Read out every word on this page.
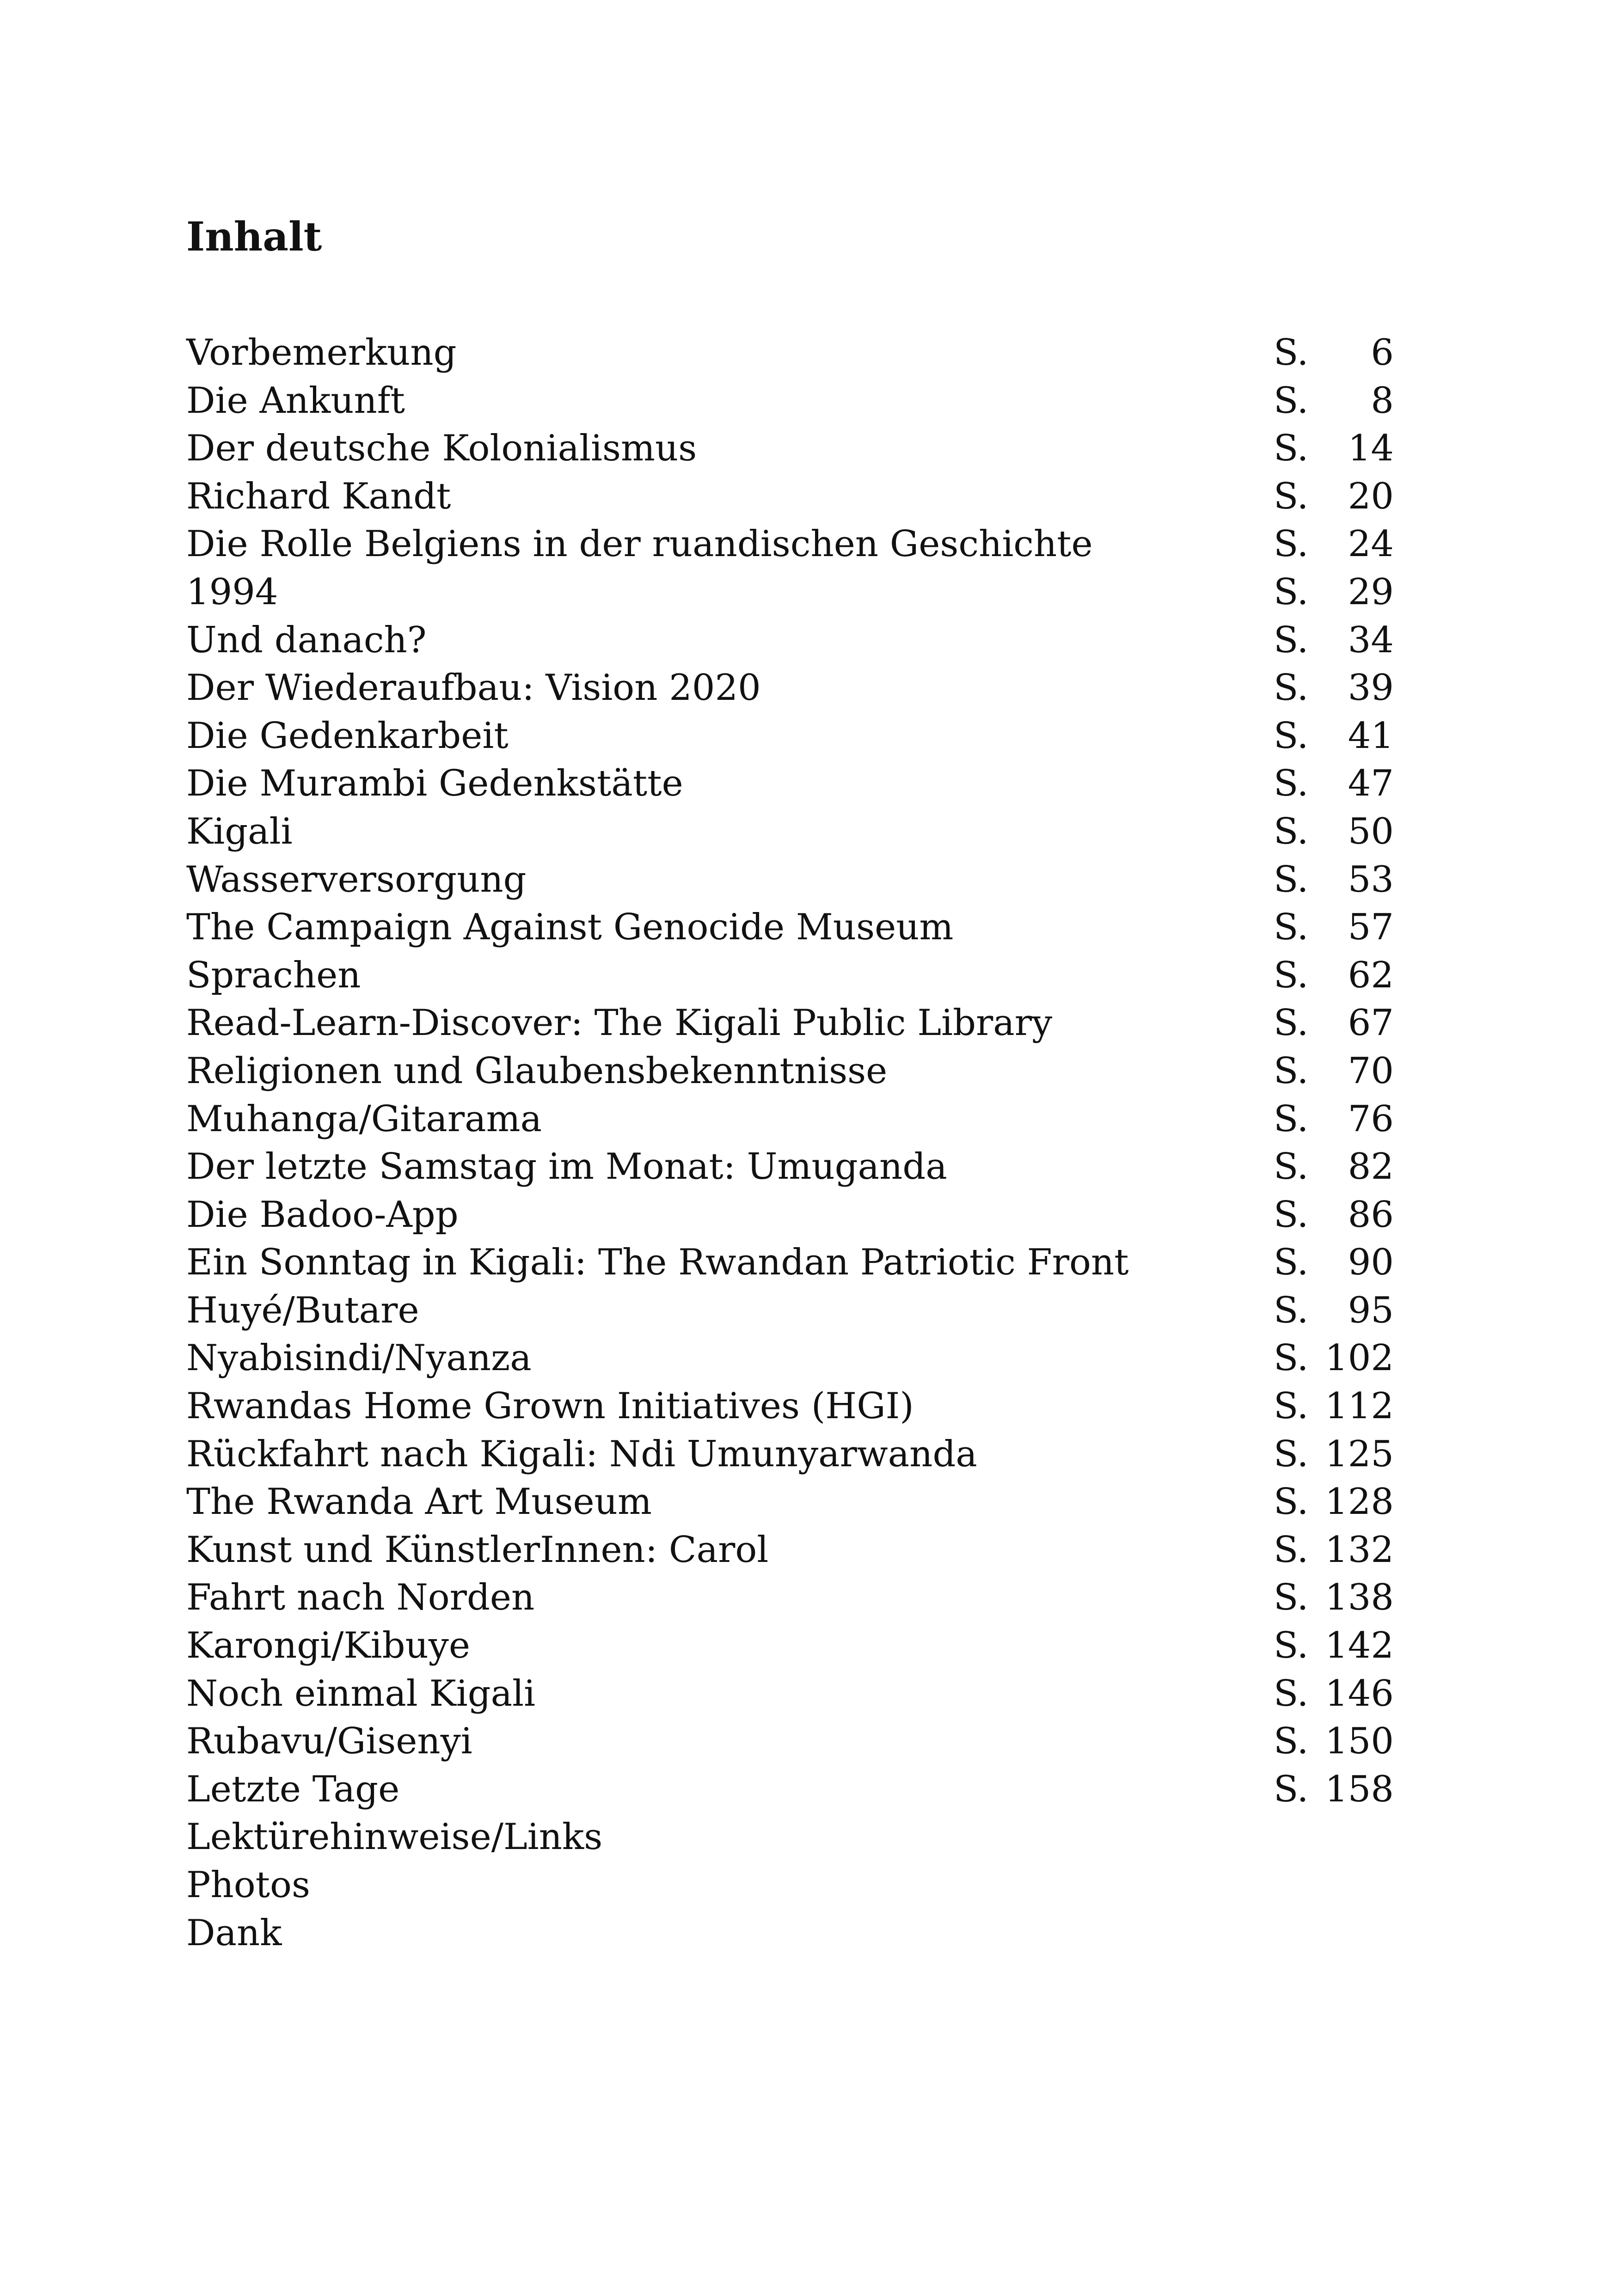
Inhalt
Vorbemerkung	S. 6
Die Ankunft	S. 8
Der deutsche Kolonialismus	S. 14
Richard Kandt	S. 20
Die Rolle Belgiens in der ruandischen Geschichte	S. 24
1994	S. 29
Und danach?	S. 34
Der Wiederaufbau: Vision 2020	S. 39
Die Gedenkarbeit	S. 41
Die Murambi Gedenkstätte	S. 47
Kigali	S. 50
Wasserversorgung	S. 53
The Campaign Against Genocide Museum	S. 57
Sprachen	S. 62
Read-Learn-Discover: The Kigali Public Library	S. 67
Religionen und Glaubensbekenntnisse	S. 70
Muhanga/Gitarama	S. 76
Der letzte Samstag im Monat: Umuganda	S. 82
Die Badoo-App	S. 86
Ein Sonntag in Kigali: The Rwandan Patriotic Front	S. 90
Huyé/Butare	S. 95
Nyabisindi/Nyanza	S. 102
Rwandas Home Grown Initiatives (HGI)	S. 112
Rückfahrt nach Kigali: Ndi Umunyarwanda	S. 125
The Rwanda Art Museum	S. 128
Kunst und KünstlerInnen: Carol	S. 132
Fahrt nach Norden	S. 138
Karongi/Kibuye	S. 142
Noch einmal Kigali	S. 146
Rubavu/Gisenyi	S. 150
Letzte Tage	S. 158
Lektürehinweise/Links
Photos
Dank
